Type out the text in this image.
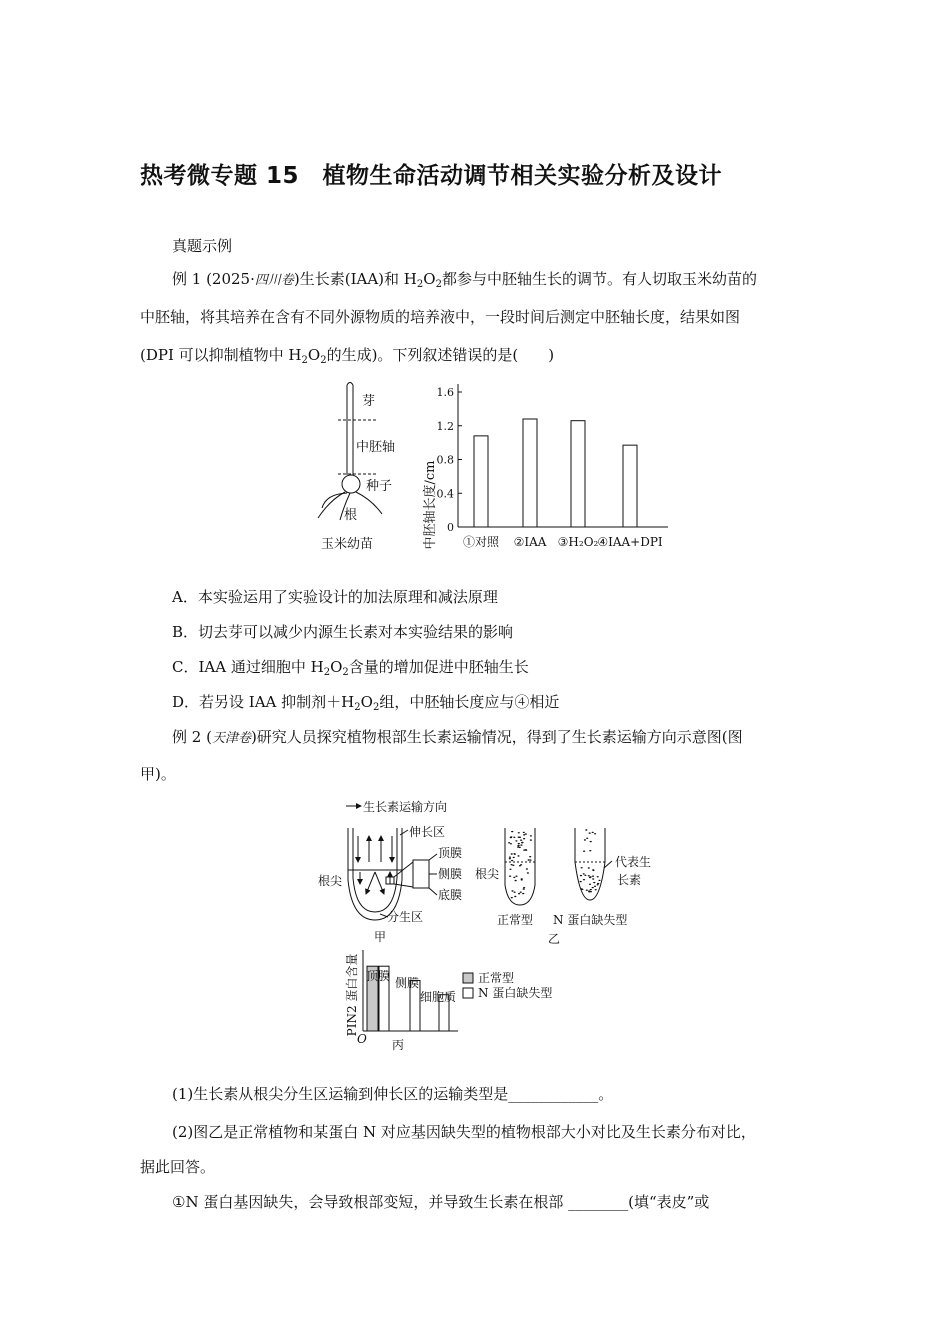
热考微专题 15　植物生命活动调节相关实验分析及设计
真题示例
例 1 (2025·四川卷)生长素(IAA)和 $H_2O_2$都参与中胚轴生长的调节。有人切取玉米幼苗的
中胚轴，将其培养在含有不同外源物质的培养液中，一段时间后测定中胚轴长度，结果如图
(DPI 可以抑制植物中 $H_2O_2$的生成)。下列叙述错误的是(　　)
芽
中胚轴
种子
根
玉米幼苗	中胚轴长度/cm 0
0.4
0.8
1.2
1.6
①对照 ②IAA ③H₂O₂
④IAA+DPI
A．本实验运用了实验设计的加法原理和减法原理
B．切去芽可以减少内源生长素对本实验结果的影响
C．IAA 通过细胞中 $H_2O_2$含量的增加促进中胚轴生长
D．若另设 IAA 抑制剂$+H_2O_2$组，中胚轴长度应与④相近
例 2 (天津卷)研究人员探究植物根部生长素运输情况，得到了生长素运输方向示意图(图
甲)。
生长素运输方向
伸长区
根尖
顶膜
侧膜
底膜
分生区
甲
根尖
正常型 N 蛋白缺失型
代表生
长素
乙
PIN2 蛋白含量
O 丙
顶膜 侧膜
细胞质
正常型
N 蛋白缺失型
(1)生长素从根尖分生区运输到伸长区的运输类型是____________。
(2)图乙是正常植物和某蛋白 N 对应基因缺失型的植物根部大小对比及生长素分布对比，
据此回答。
①N 蛋白基因缺失，会导致根部变短，并导致生长素在根部 ________(填“表皮”或
